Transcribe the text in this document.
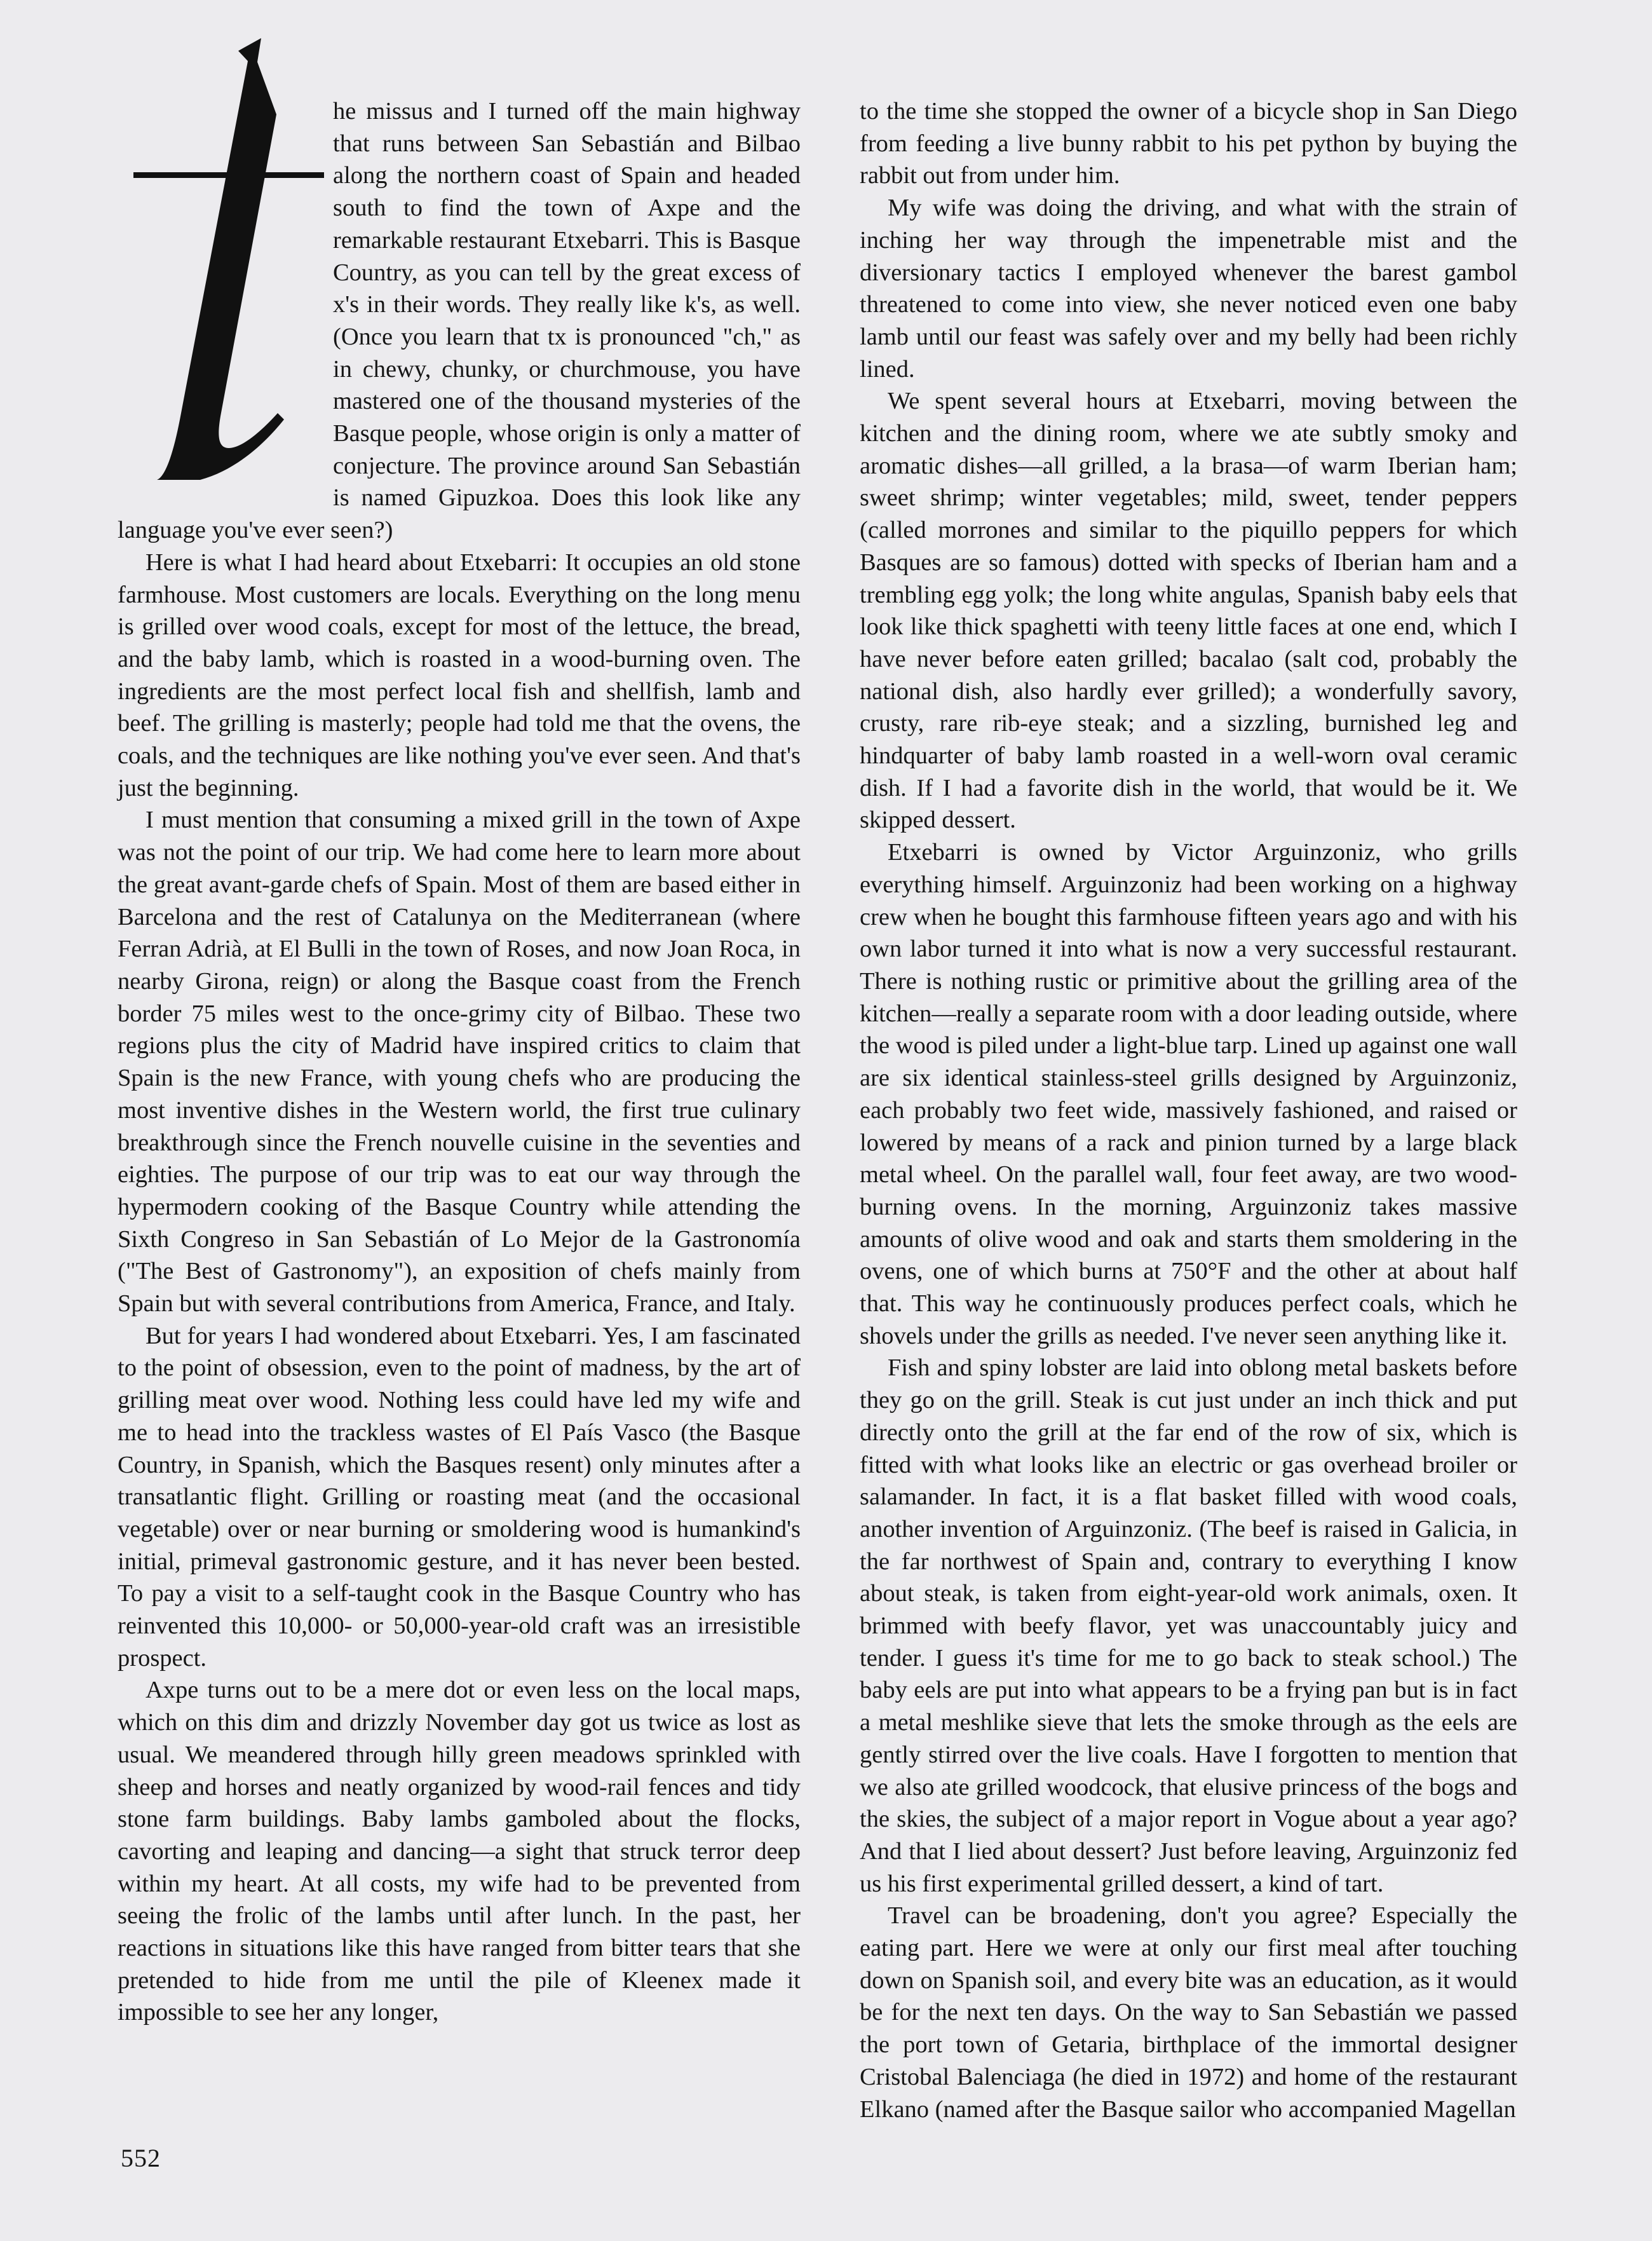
he missus and I turned off the main highway that runs between San Sebastián and Bilbao along the northern coast of Spain and headed south to find the town of Axpe and the remarkable restaurant Etxebarri. This is Basque Country, as you can tell by the great excess of x's in their words. They really like k's, as well. (Once you learn that tx is pronounced "ch," as in chewy, chunky, or churchmouse, you have mastered one of the thousand mysteries of the Basque people, whose origin is only a matter of conjecture. The province around San Sebastián is named Gipuzkoa. Does this look like any language you've ever seen?)

Here is what I had heard about Etxebarri: It occupies an old stone farmhouse. Most customers are locals. Everything on the long menu is grilled over wood coals, except for most of the lettuce, the bread, and the baby lamb, which is roasted in a wood-burning oven. The ingredients are the most perfect local fish and shellfish, lamb and beef. The grilling is masterly; people had told me that the ovens, the coals, and the techniques are like nothing you've ever seen. And that's just the beginning.

I must mention that consuming a mixed grill in the town of Axpe was not the point of our trip. We had come here to learn more about the great avant-garde chefs of Spain. Most of them are based either in Barcelona and the rest of Catalunya on the Mediterranean (where Ferran Adrià, at El Bulli in the town of Roses, and now Joan Roca, in nearby Girona, reign) or along the Basque coast from the French border 75 miles west to the once-grimy city of Bilbao. These two regions plus the city of Madrid have inspired critics to claim that Spain is the new France, with young chefs who are producing the most inventive dishes in the Western world, the first true culinary breakthrough since the French nouvelle cuisine in the seventies and eighties. The purpose of our trip was to eat our way through the hypermodern cooking of the Basque Country while attending the Sixth Congreso in San Sebastián of Lo Mejor de la Gastronomía ("The Best of Gastronomy"), an exposition of chefs mainly from Spain but with several contributions from America, France, and Italy.

But for years I had wondered about Etxebarri. Yes, I am fascinated to the point of obsession, even to the point of madness, by the art of grilling meat over wood. Nothing less could have led my wife and me to head into the trackless wastes of El País Vasco (the Basque Country, in Spanish, which the Basques resent) only minutes after a transatlantic flight. Grilling or roasting meat (and the occasional vegetable) over or near burning or smoldering wood is humankind's initial, primeval gastronomic gesture, and it has never been bested. To pay a visit to a self-taught cook in the Basque Country who has reinvented this 10,000- or 50,000-year-old craft was an irresistible prospect.

Axpe turns out to be a mere dot or even less on the local maps, which on this dim and drizzly November day got us twice as lost as usual. We meandered through hilly green meadows sprinkled with sheep and horses and neatly organized by wood-rail fences and tidy stone farm buildings. Baby lambs gamboled about the flocks, cavorting and leaping and dancing—a sight that struck terror deep within my heart. At all costs, my wife had to be prevented from seeing the frolic of the lambs until after lunch. In the past, her reactions in situations like this have ranged from bitter tears that she pretended to hide from me until the pile of Kleenex made it impossible to see her any longer,

to the time she stopped the owner of a bicycle shop in San Diego from feeding a live bunny rabbit to his pet python by buying the rabbit out from under him.

My wife was doing the driving, and what with the strain of inching her way through the impenetrable mist and the diversionary tactics I employed whenever the barest gambol threatened to come into view, she never noticed even one baby lamb until our feast was safely over and my belly had been richly lined.

We spent several hours at Etxebarri, moving between the kitchen and the dining room, where we ate subtly smoky and aromatic dishes—all grilled, a la brasa—of warm Iberian ham; sweet shrimp; winter vegetables; mild, sweet, tender peppers (called morrones and similar to the piquillo peppers for which Basques are so famous) dotted with specks of Iberian ham and a trembling egg yolk; the long white angulas, Spanish baby eels that look like thick spaghetti with teeny little faces at one end, which I have never before eaten grilled; bacalao (salt cod, probably the national dish, also hardly ever grilled); a wonderfully savory, crusty, rare rib-eye steak; and a sizzling, burnished leg and hindquarter of baby lamb roasted in a well-worn oval ceramic dish. If I had a favorite dish in the world, that would be it. We skipped dessert.

Etxebarri is owned by Victor Arguinzoniz, who grills everything himself. Arguinzoniz had been working on a highway crew when he bought this farmhouse fifteen years ago and with his own labor turned it into what is now a very successful restaurant. There is nothing rustic or primitive about the grilling area of the kitchen—really a separate room with a door leading outside, where the wood is piled under a light-blue tarp. Lined up against one wall are six identical stainless-steel grills designed by Arguinzoniz, each probably two feet wide, massively fashioned, and raised or lowered by means of a rack and pinion turned by a large black metal wheel. On the parallel wall, four feet away, are two wood-burning ovens. In the morning, Arguinzoniz takes massive amounts of olive wood and oak and starts them smoldering in the ovens, one of which burns at 750°F and the other at about half that. This way he continuously produces perfect coals, which he shovels under the grills as needed. I've never seen anything like it.

Fish and spiny lobster are laid into oblong metal baskets before they go on the grill. Steak is cut just under an inch thick and put directly onto the grill at the far end of the row of six, which is fitted with what looks like an electric or gas overhead broiler or salamander. In fact, it is a flat basket filled with wood coals, another invention of Arguinzoniz. (The beef is raised in Galicia, in the far northwest of Spain and, contrary to everything I know about steak, is taken from eight-year-old work animals, oxen. It brimmed with beefy flavor, yet was unaccountably juicy and tender. I guess it's time for me to go back to steak school.) The baby eels are put into what appears to be a frying pan but is in fact a metal meshlike sieve that lets the smoke through as the eels are gently stirred over the live coals. Have I forgotten to mention that we also ate grilled woodcock, that elusive princess of the bogs and the skies, the subject of a major report in Vogue about a year ago? And that I lied about dessert? Just before leaving, Arguinzoniz fed us his first experimental grilled dessert, a kind of tart.

Travel can be broadening, don't you agree? Especially the eating part. Here we were at only our first meal after touching down on Spanish soil, and every bite was an education, as it would be for the next ten days. On the way to San Sebastián we passed the port town of Getaria, birthplace of the immortal designer Cristobal Balenciaga (he died in 1972) and home of the restaurant Elkano (named after the Basque sailor who accompanied Magellan

552
